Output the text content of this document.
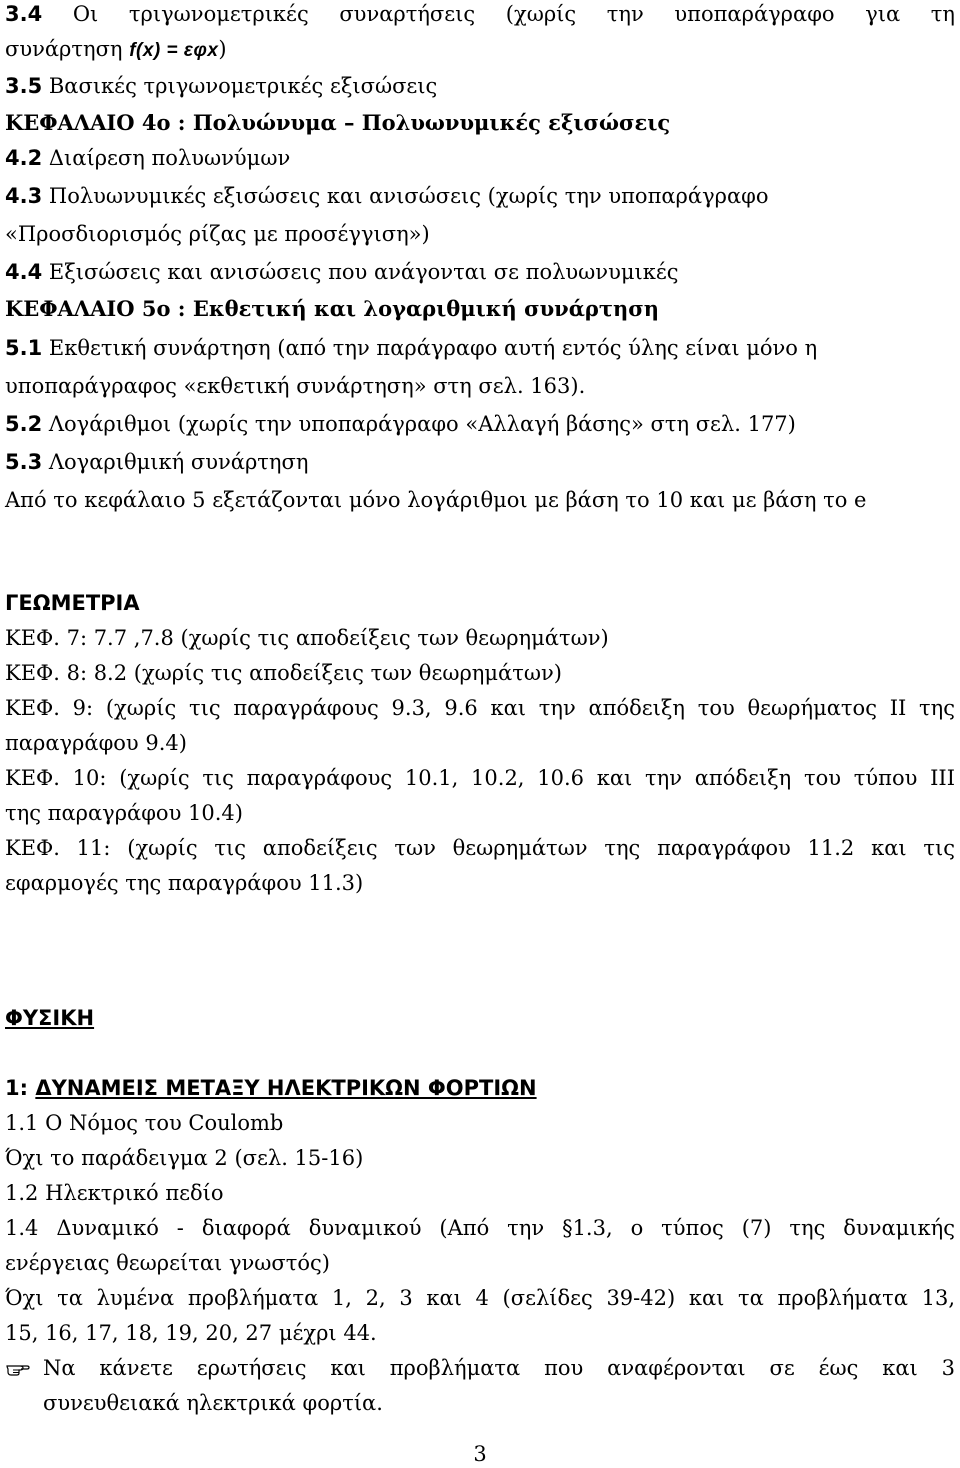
3.4 Οι τριγωνομετρικές συναρτήσεις (χωρίς την υποπαράγραφο για τη
συνάρτηση f(x) = εφx)
3.5 Βασικές τριγωνομετρικές εξισώσεις
ΚΕΦΑΛΑΙΟ 4ο : Πολυώνυμα – Πολυωνυμικές εξισώσεις
4.2 Διαίρεση πολυωνύμων
4.3 Πολυωνυμικές εξισώσεις και ανισώσεις (χωρίς την υποπαράγραφο
«Προσδιορισμός ρίζας με προσέγγιση»)
4.4 Εξισώσεις και ανισώσεις που ανάγονται σε πολυωνυμικές
ΚΕΦΑΛΑΙΟ 5ο : Εκθετική και λογαριθμική συνάρτηση
5.1 Εκθετική συνάρτηση (από την παράγραφο αυτή εντός ύλης είναι μόνο η
υποπαράγραφος «εκθετική συνάρτηση» στη σελ. 163).
5.2 Λογάριθμοι (χωρίς την υποπαράγραφο «Αλλαγή βάσης» στη σελ. 177)
5.3 Λογαριθμική συνάρτηση
Από το κεφάλαιο 5 εξετάζονται μόνο λογάριθμοι με βάση το 10 και με βάση το e
ΓΕΩΜΕΤΡΙΑ
ΚΕΦ. 7: 7.7 ,7.8 (χωρίς τις αποδείξεις των θεωρημάτων)
ΚΕΦ. 8: 8.2 (χωρίς τις αποδείξεις των θεωρημάτων)
ΚΕΦ. 9: (χωρίς τις παραγράφους 9.3, 9.6 και την απόδειξη του θεωρήματος ΙΙ της
παραγράφου 9.4)
ΚΕΦ. 10: (χωρίς τις παραγράφους 10.1, 10.2, 10.6 και την απόδειξη του τύπου ΙΙΙ
της παραγράφου 10.4)
ΚΕΦ. 11: (χωρίς τις αποδείξεις των θεωρημάτων της παραγράφου 11.2 και τις
εφαρμογές της παραγράφου 11.3)
ΦΥΣΙΚΗ
1: ΔΥΝΑΜΕΙΣ ΜΕΤΑΞΥ ΗΛΕΚΤΡΙΚΩΝ ΦΟΡΤΙΩΝ
1.1 Ο Νόμος του Coulomb
Όχι το παράδειγμα 2 (σελ. 15-16)
1.2 Ηλεκτρικό πεδίο
1.4 Δυναμικό - διαφορά δυναμικού (Από την §1.3, ο τύπος (7) της δυναμικής
ενέργειας θεωρείται γνωστός)
Όχι τα λυμένα προβλήματα 1, 2, 3 και 4 (σελίδες 39-42) και τα προβλήματα 13,
15, 16, 17, 18, 19, 20, 27 μέχρι 44.
Να κάνετε ερωτήσεις και προβλήματα που αναφέρονται σε έως και 3
συνευθειακά ηλεκτρικά φορτία.
3
